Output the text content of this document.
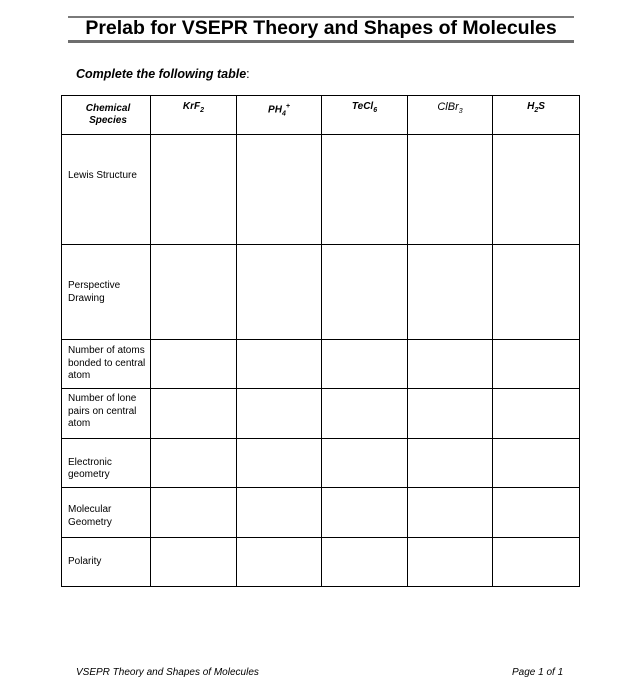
Prelab for VSEPR Theory and Shapes of Molecules
Complete the following table:
Chemical Species	KrF$_2$	$PH_4^+$	TeCl$_6$	ClBr$_3$	$H_2S$
Lewis Structure					
Perspective Drawing					
Number of atoms bonded to central atom					
Number of lone pairs on central atom					
Electronic geometry					
Molecular Geometry					
Polarity					
VSEPR Theory and Shapes of Molecules	Page 1 of 1
